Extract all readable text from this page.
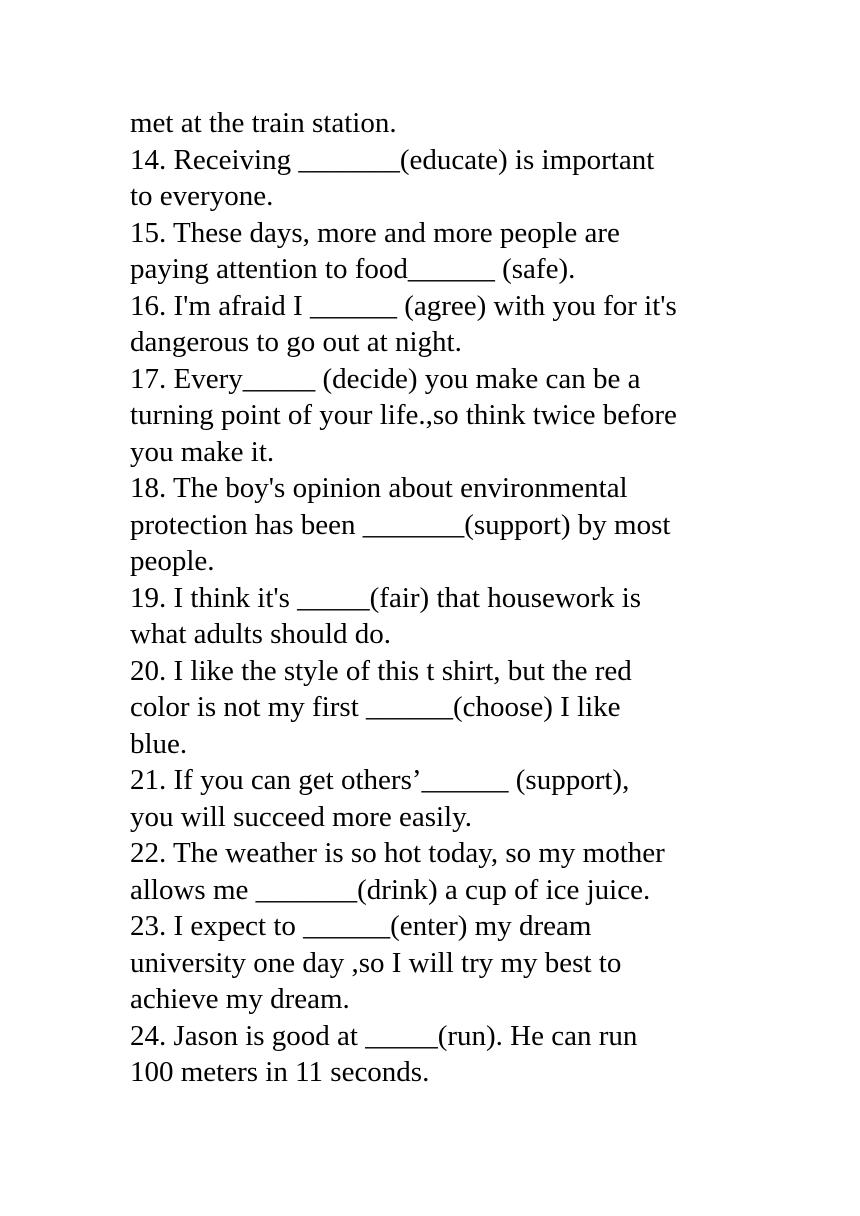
met at the train station.
14. Receiving _______(educate) is important
to everyone.
15. These days, more and more people are
paying attention to food______ (safe).
16. I'm afraid I ______ (agree) with you for it's
dangerous to go out at night.
17. Every_____ (decide) you make can be a
turning point of your life.,so think twice before
you make it.
18. The boy's opinion about environmental
protection has been _______(support) by most
people.
19. I think it's _____(fair) that housework is
what adults should do.
20. I like the style of this t shirt, but the red
color is not my first ______(choose) I like
blue.
21. If you can get others’______ (support),
you will succeed more easily.
22. The weather is so hot today, so my mother
allows me _______(drink) a cup of ice juice.
23. I expect to ______(enter) my dream
university one day ,so I will try my best to
achieve my dream.
24. Jason is good at _____(run). He can run
100 meters in 11 seconds.
